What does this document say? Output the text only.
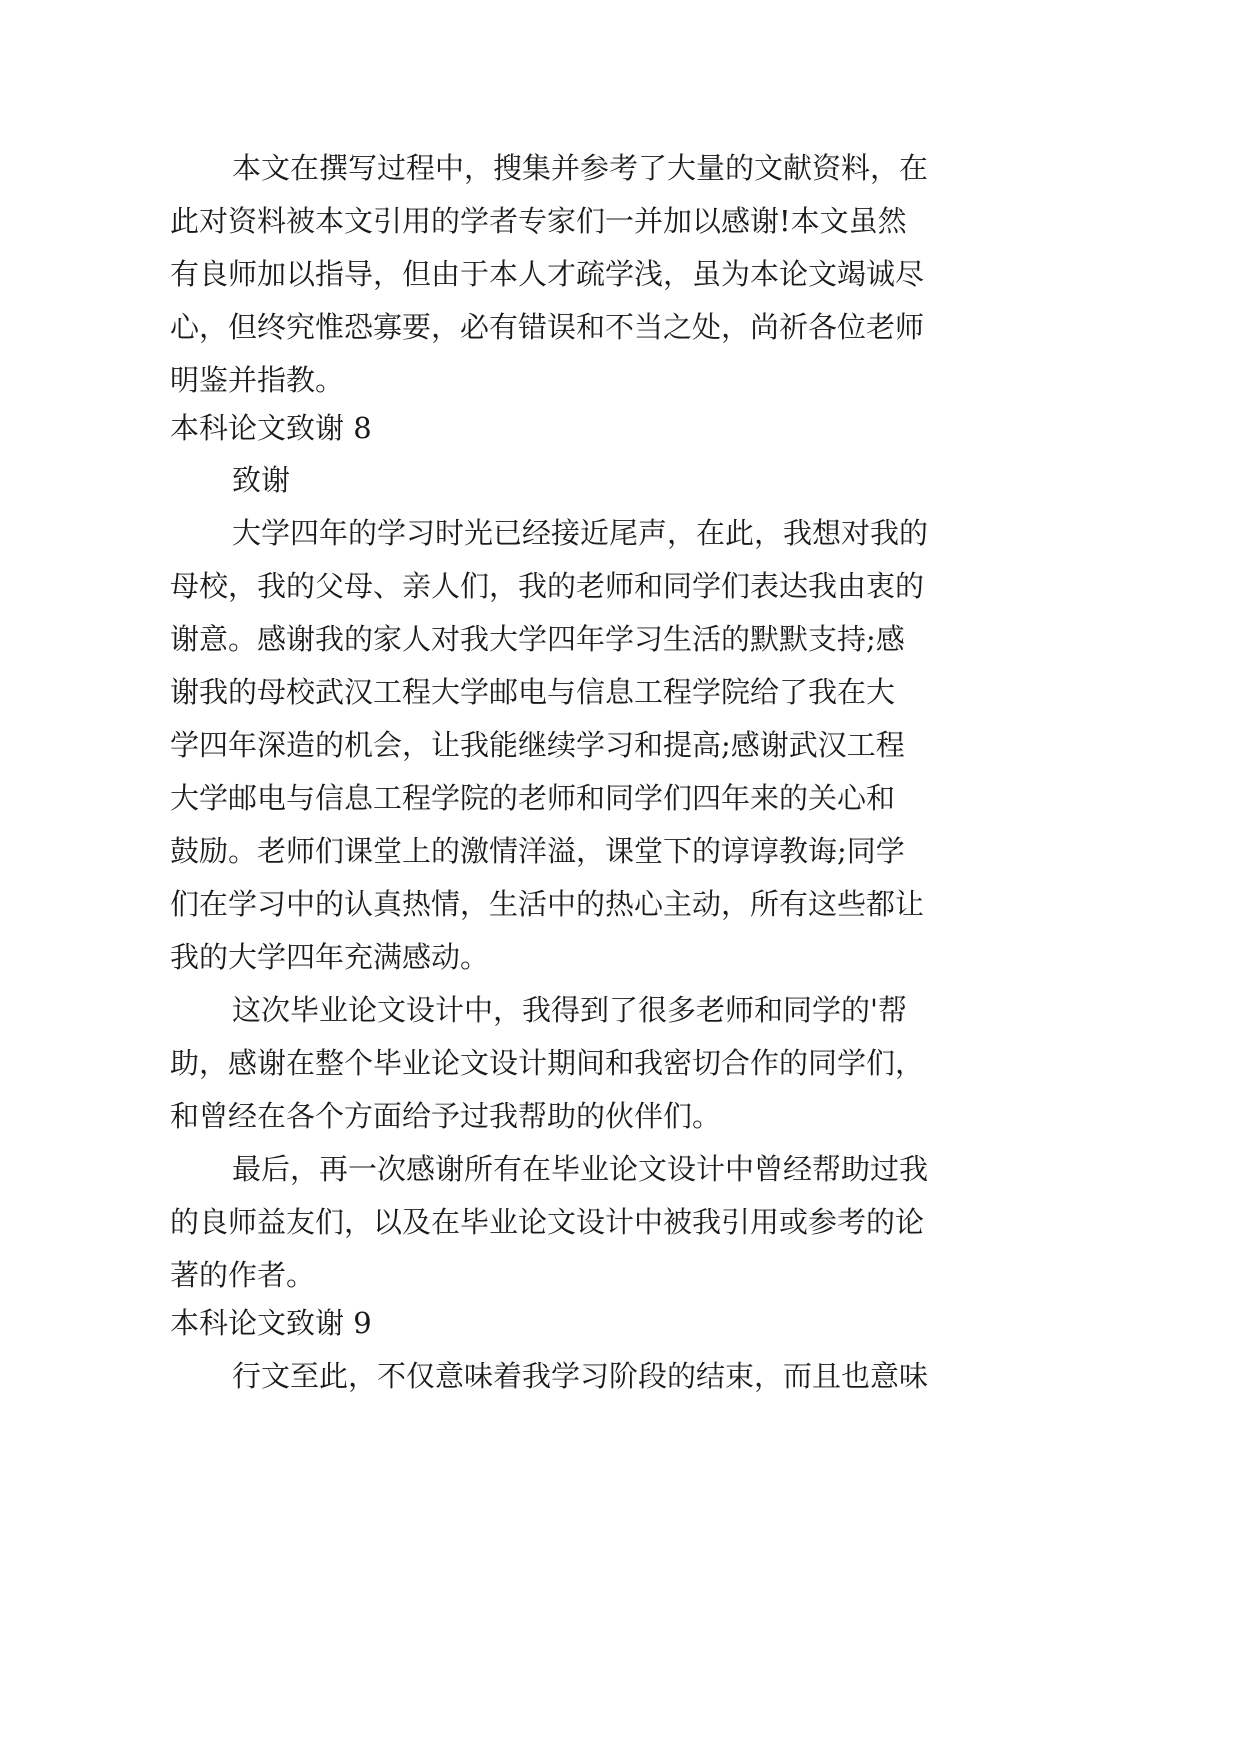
本文在撰写过程中，搜集并参考了大量的文献资料，在
此对资料被本文引用的学者专家们一并加以感谢!本文虽然
有良师加以指导，但由于本人才疏学浅，虽为本论文竭诚尽
心，但终究惟恐寡要，必有错误和不当之处，尚祈各位老师
明鉴并指教。
本科论文致谢 8
致谢
大学四年的学习时光已经接近尾声，在此，我想对我的
母校，我的父母、亲人们，我的老师和同学们表达我由衷的
谢意。感谢我的家人对我大学四年学习生活的默默支持;感
谢我的母校武汉工程大学邮电与信息工程学院给了我在大
学四年深造的机会，让我能继续学习和提高;感谢武汉工程
大学邮电与信息工程学院的老师和同学们四年来的关心和
鼓励。老师们课堂上的激情洋溢，课堂下的谆谆教诲;同学
们在学习中的认真热情，生活中的热心主动，所有这些都让
我的大学四年充满感动。
这次毕业论文设计中，我得到了很多老师和同学的'帮
助，感谢在整个毕业论文设计期间和我密切合作的同学们，
和曾经在各个方面给予过我帮助的伙伴们。
最后，再一次感谢所有在毕业论文设计中曾经帮助过我
的良师益友们，以及在毕业论文设计中被我引用或参考的论
著的作者。
本科论文致谢 9
行文至此，不仅意味着我学习阶段的结束，而且也意味
